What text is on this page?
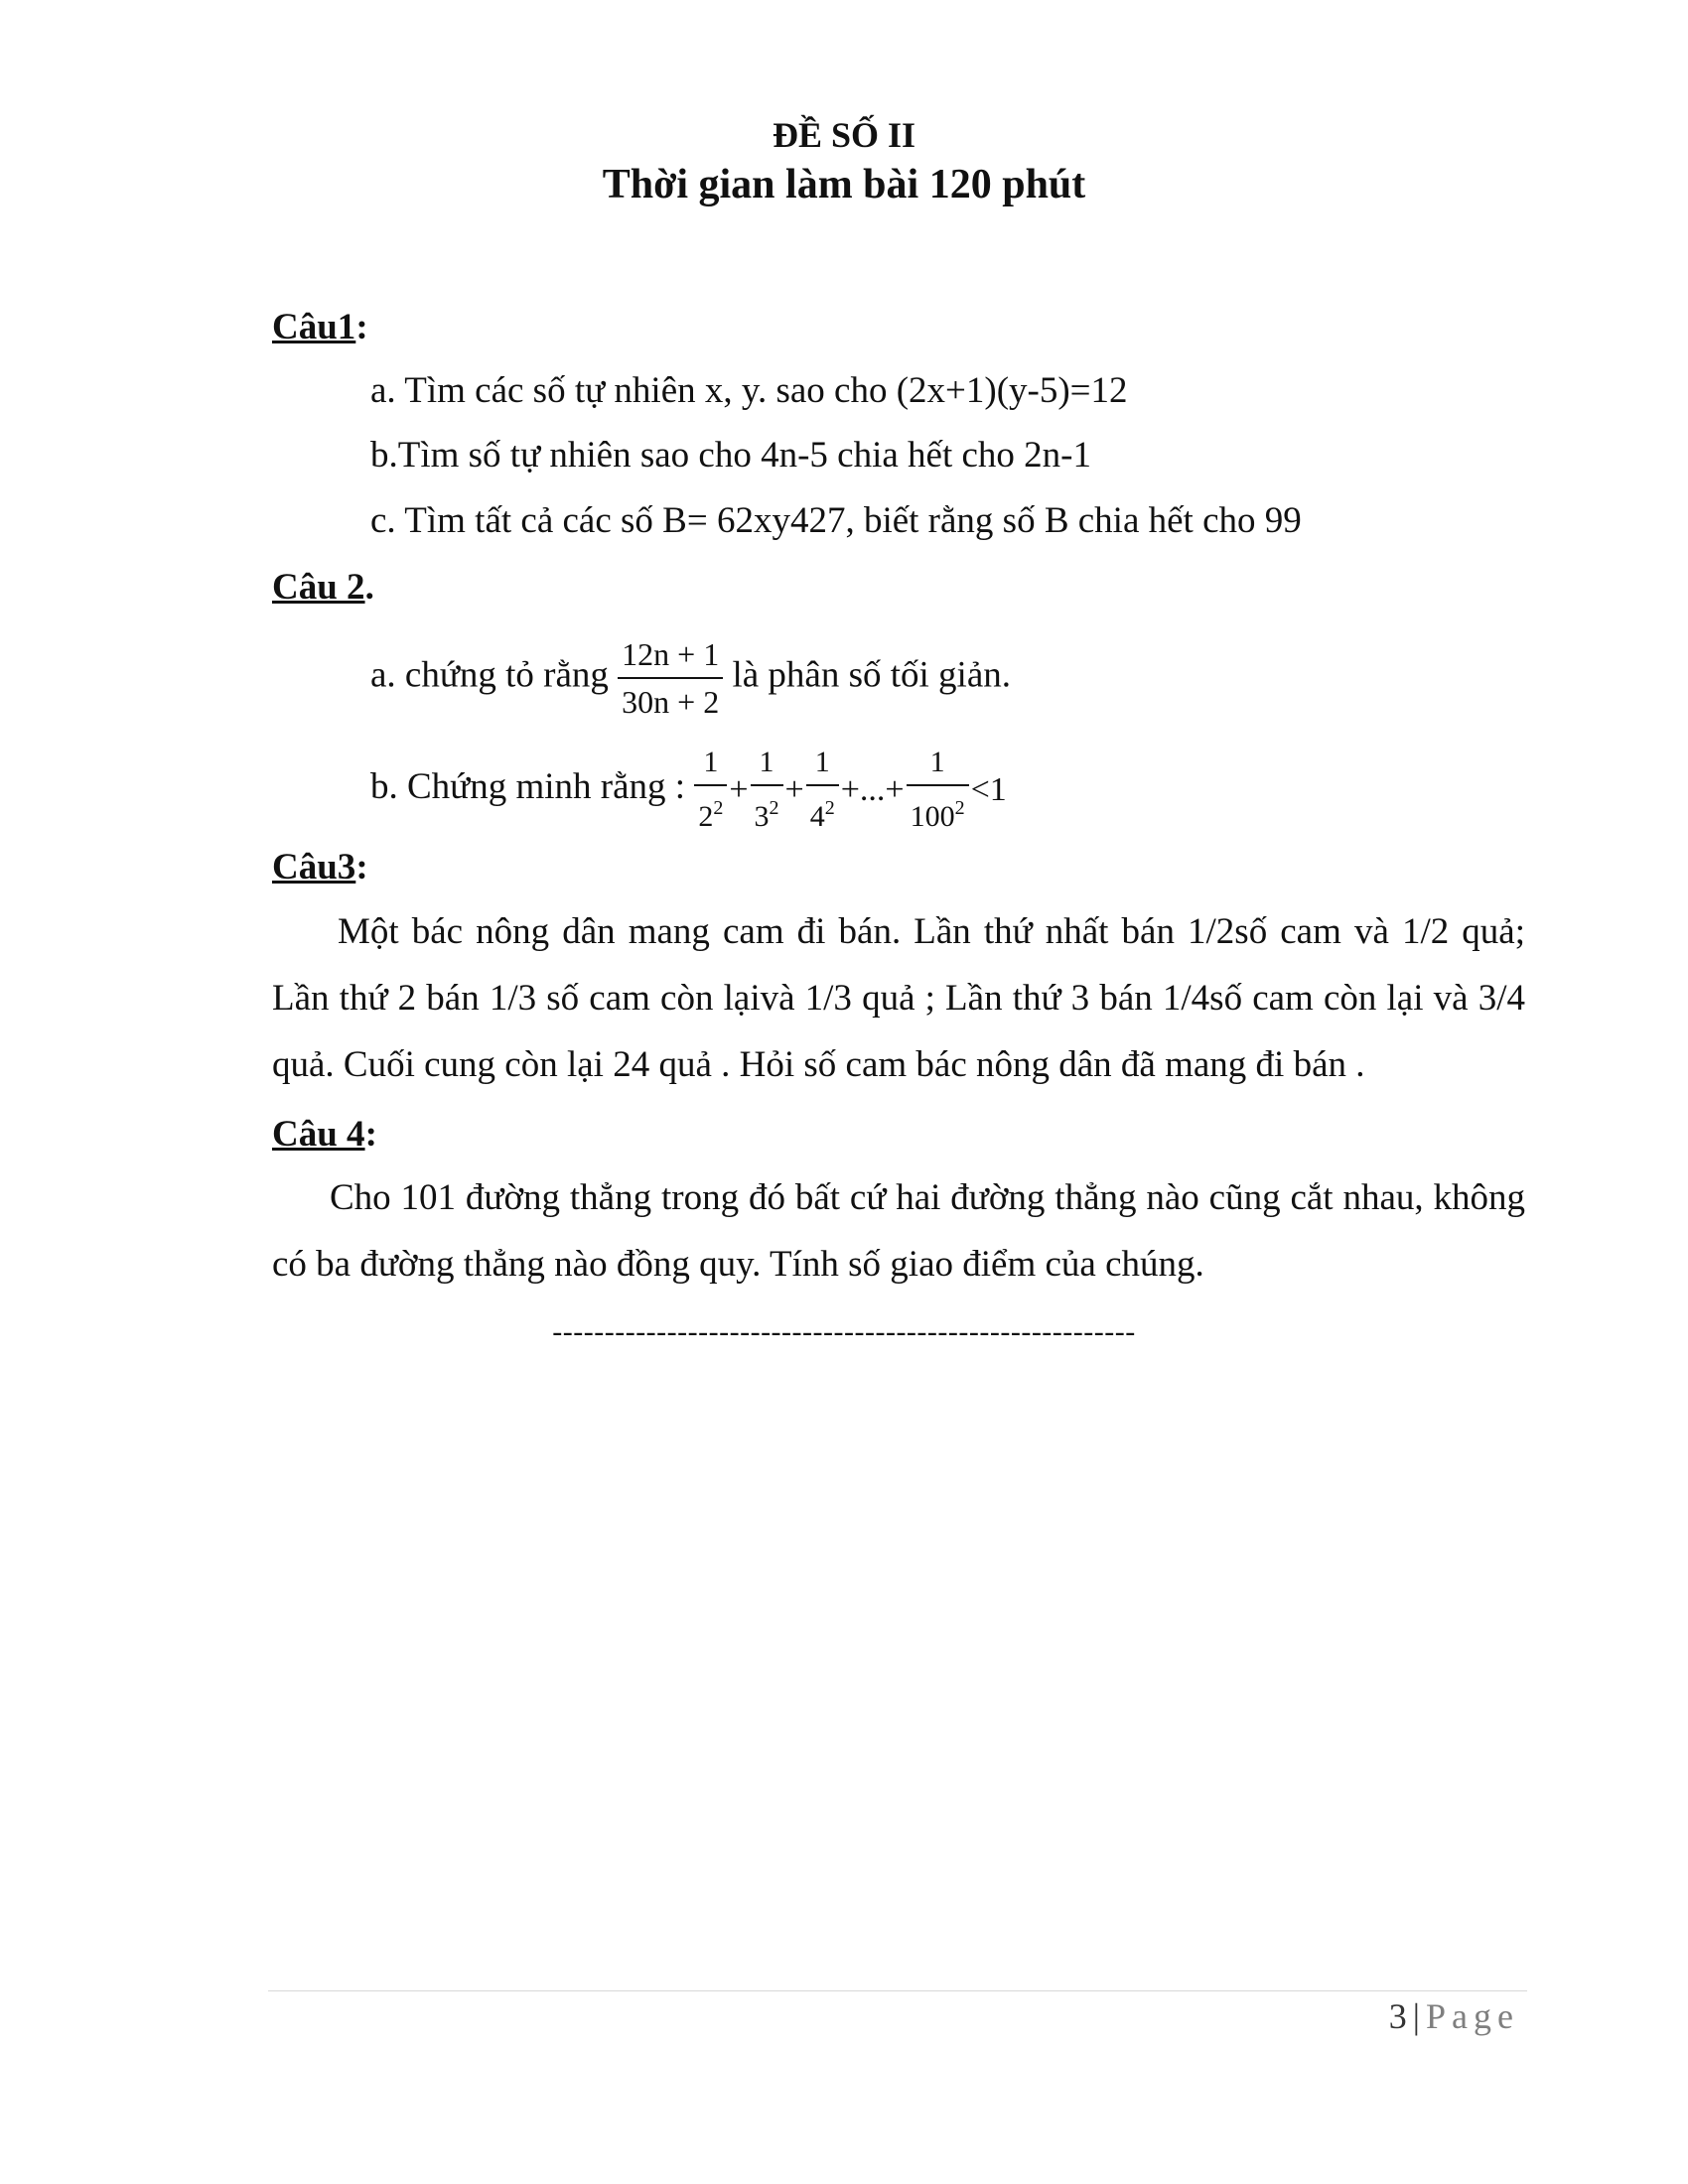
ĐỀ SỐ II
Thời gian làm bài 120 phút
Câu1:
a. Tìm các số tự nhiên x, y. sao cho (2x+1)(y-5)=12
b.Tìm số tự nhiên sao cho 4n-5 chia hết cho 2n-1
c. Tìm tất cả các số B= 62xy427, biết rằng số B chia hết cho 99
Câu 2.
a. chứng tỏ rằng $\frac{12n + 1}{30n + 2}$ là phân số tối giản.
b. Chứng minh rằng : $\frac{1}{2^2} + \frac{1}{3^2} + \frac{1}{4^2}$ +...+ $\frac{1}{100^2} <1$
Câu3:
Một bác nông dân mang cam đi bán. Lần thứ nhất bán 1/2số cam và 1/2 quả; Lần thứ 2 bán 1/3 số cam còn lạivà 1/3 quả ; Lần thứ 3 bán 1/4số cam còn lại và 3/4 quả. Cuối cung còn lại 24 quả . Hỏi số cam bác nông dân đã mang đi bán .
Câu 4:
Cho 101 đường thẳng trong đó bất cứ hai đường thẳng nào cũng cắt nhau, không có ba đường thẳng nào đồng quy. Tính số giao điểm của chúng.
--------------------------------------------------------
3 | Page
